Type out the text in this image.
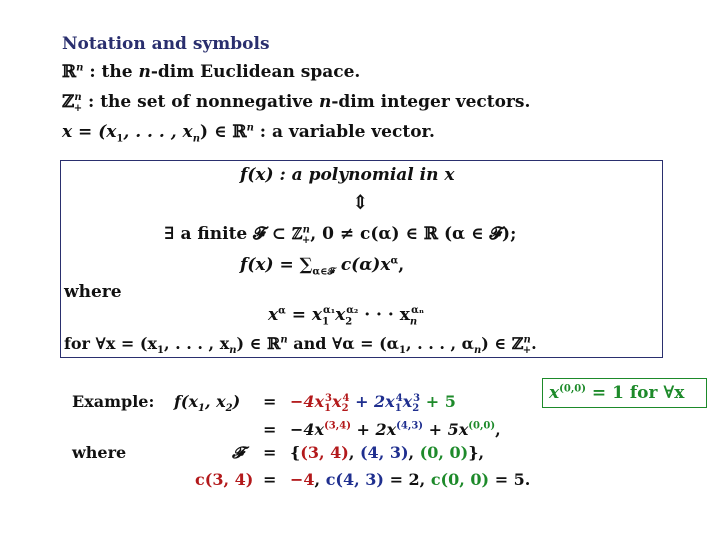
Notation and symbols
ℝ$^n$ : the n-dim Euclidean space.
ℤ$^n_+$ : the set of nonnegative n-dim integer vectors.
$x = (x_1$, . . . , $x_n$) ∈ ℝ$^n$ : a variable vector.
f(x) : a polynomial in x
⇕
∃ a finite 𝓕 ⊂ ℤ$^n_+$, 0 ≠ c(α) ∈ ℝ (α ∈ 𝓕);
$f(x) = \sum_{\alpha\in 𝓕}$ $c(\alpha)x^\alpha$,
where
$x^\alpha = x_1^{\alpha_1}x_2^{\alpha_2}$ · · · $x_n^{\alpha_n}$
for ∀x = ($x_1$, . . . , $x_n$) ∈ ℝ$^n$ and ∀α = ($\alpha_1$, . . . , $\alpha_n$) ∈ ℤ$^n_+$.
$x^{(0,0)} = 1$ for ∀x
Example: $f(x_1$, $x_2) = -4x_1^3x_2^4 + 2x_1^4x_2^3 + 5$
= $-4x^{(3,4)} + 2x^{(4,3)} + 5x^{(0,0)}$,
where	𝓕 = {(3, 4), (4, 3), (0, 0)},
c(3, 4) = −4, c(4, 3) = 2, c(0, 0) = 5.
